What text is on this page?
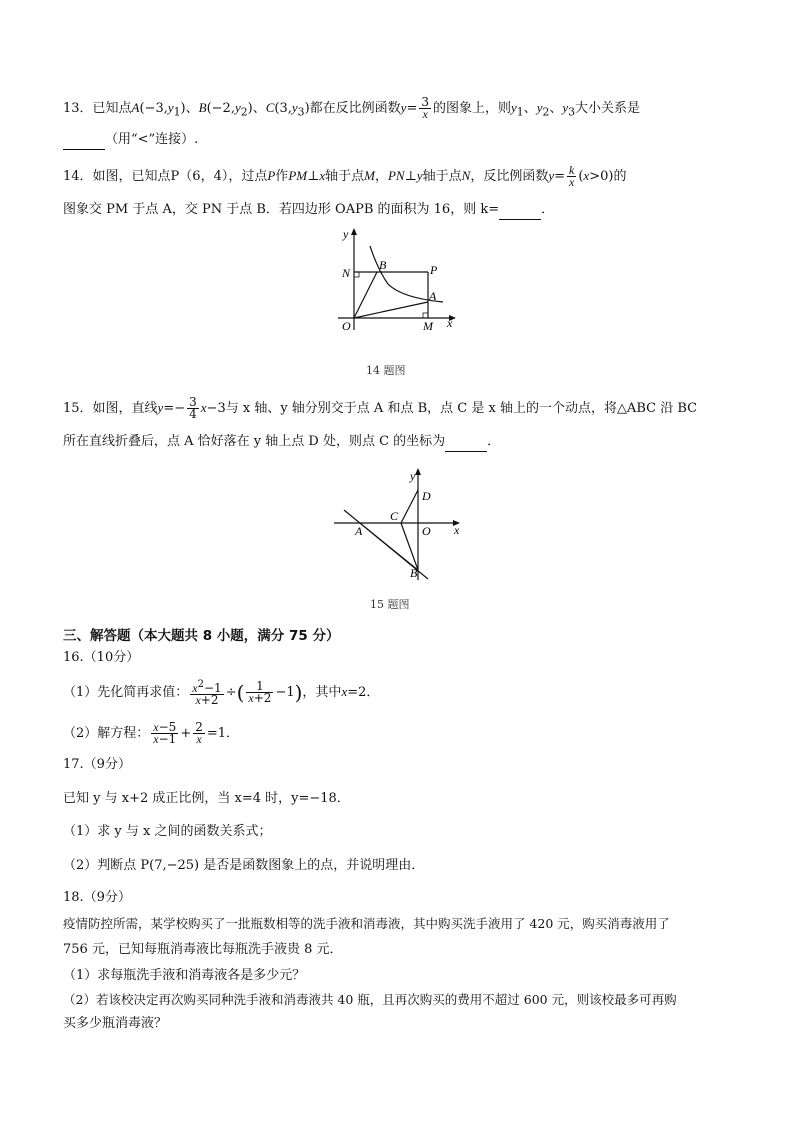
13．已知点$A(-3,y_1)$、$B(-2,y_2)$、$C(3,y_3)$都在反比例函数$y= \frac{3}{x}$ 的图象上，则$y_1$、$y_2$、$y_3$大小关系是
（用“<”连接）.
14．如图，已知点P（6，4），过点P作PM⊥x轴于点M，PN⊥y轴于点N，反比例函数$y= \frac{k}{x} (x>0)$的
图象交 PM 于点 A，交 PN 于点 B．若四边形 OAPB 的面积为 16，则 k=	．
y
N
B	P
A
O	M x
14 题图
15．如图，直线$y=- \frac{3}{4} x-3$与 x 轴、y 轴分别交于点 A 和点 B，点 C 是 x 轴上的一个动点，将△ABC 沿 BC
所在直线折叠后，点 A 恰好落在 y 轴上点 D 处，则点 C 的坐标为	．
y
D
C
A	O x
B
15 题图
三、解答题（本大题共 8 小题，满分 75 分）
16.（10分）
（1）先化简再求值： $\frac{x^2-1}{x+2}$ ÷( $\frac{1}{x+2} -1$)，其中x=2．
（2）解方程： $\frac{x-5}{x-1} + \frac{2}{x} =1$．
17.（9分）
已知 y 与 x+2 成正比例，当 x=4 时，y=−18．
（1）求 y 与 x 之间的函数关系式；
（2）判断点 P(7,−25) 是否是函数图象上的点，并说明理由．
18.（9分）
疫情防控所需，某学校购买了一批瓶数相等的洗手液和消毒液，其中购买洗手液用了 420 元，购买消毒液用了
756 元，已知每瓶消毒液比每瓶洗手液贵 8 元．
（1）求每瓶洗手液和消毒液各是多少元？
（2）若该校决定再次购买同种洗手液和消毒液共 40 瓶，且再次购买的费用不超过 600 元，则该校最多可再购
买多少瓶消毒液？
